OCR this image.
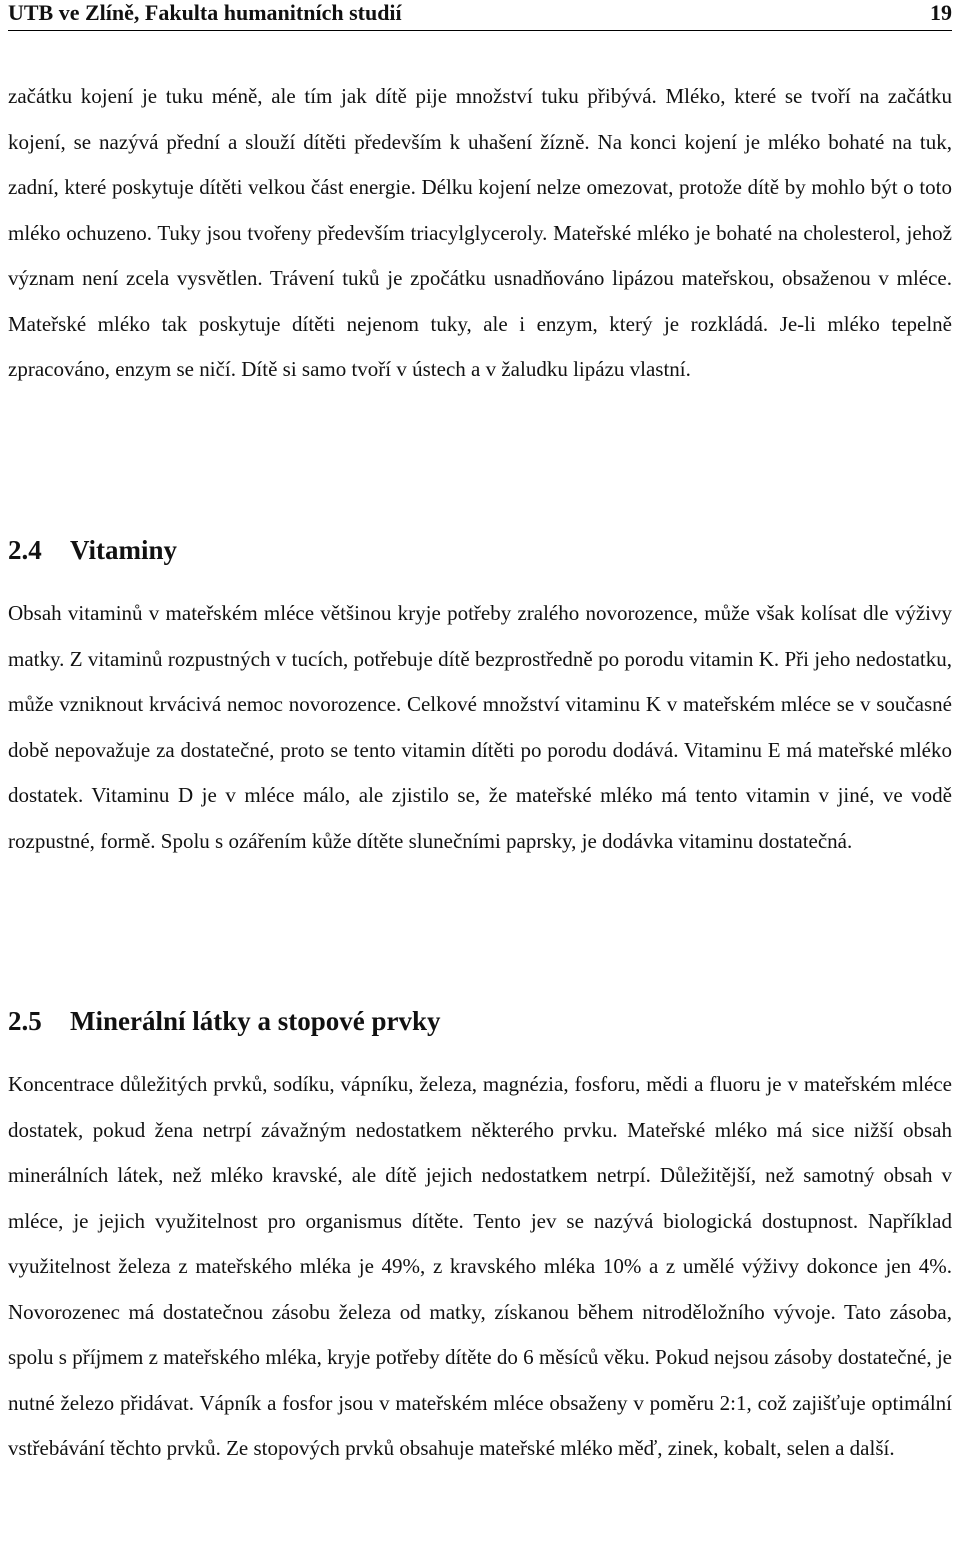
UTB ve Zlíně, Fakulta humanitních studií	19

začátku kojení je tuku méně, ale tím jak dítě pije množství tuku přibývá. Mléko, které se tvoří na začátku kojení, se nazývá přední a slouží dítěti především k uhašení žízně. Na konci kojení je mléko bohaté na tuk, zadní, které poskytuje dítěti velkou část energie. Délku kojení nelze omezovat, protože dítě by mohlo být o toto mléko ochuzeno. Tuky jsou tvořeny především triacylglyceroly. Mateřské mléko je bohaté na cholesterol, jehož význam není zcela vysvětlen. Trávení tuků je zpočátku usnadňováno lipázou mateřskou, obsaženou v mléce. Mateřské mléko tak poskytuje dítěti nejenom tuky, ale i enzym, který je rozkládá. Je-li mléko tepelně zpracováno, enzym se ničí. Dítě si samo tvoří v ústech a v žaludku lipázu vlastní.

2.4 Vitaminy

Obsah vitaminů v mateřském mléce většinou kryje potřeby zralého novorozence, může však kolísat dle výživy matky. Z vitaminů rozpustných v tucích, potřebuje dítě bezprostředně po porodu vitamin K. Při jeho nedostatku, může vzniknout krvácivá nemoc novorozence. Celkové množství vitaminu K v mateřském mléce se v současné době nepovažuje za dostatečné, proto se tento vitamin dítěti po porodu dodává. Vitaminu E má mateřské mléko dostatek. Vitaminu D je v mléce málo, ale zjistilo se, že mateřské mléko má tento vitamin v jiné, ve vodě rozpustné, formě. Spolu s ozářením kůže dítěte slunečními paprsky, je dodávka vitaminu dostatečná.

2.5 Minerální látky a stopové prvky

Koncentrace důležitých prvků, sodíku, vápníku, železa, magnézia, fosforu, mědi a fluoru je v mateřském mléce dostatek, pokud žena netrpí závažným nedostatkem některého prvku. Mateřské mléko má sice nižší obsah minerálních látek, než mléko kravské, ale dítě jejich nedostatkem netrpí. Důležitější, než samotný obsah v mléce, je jejich využitelnost pro organismus dítěte. Tento jev se nazývá biologická dostupnost. Například využitelnost železa z mateřského mléka je 49%, z kravského mléka 10% a z umělé výživy dokonce jen 4%. Novorozenec má dostatečnou zásobu železa od matky, získanou během nitroděložního vývoje. Tato zásoba, spolu s příjmem z mateřského mléka, kryje potřeby dítěte do 6 měsíců věku. Pokud nejsou zásoby dostatečné, je nutné železo přidávat. Vápník a fosfor jsou v mateřském mléce obsaženy v poměru 2:1, což zajišťuje optimální vstřebávání těchto prvků. Ze stopových prvků obsahuje mateřské mléko měď, zinek, kobalt, selen a další.
